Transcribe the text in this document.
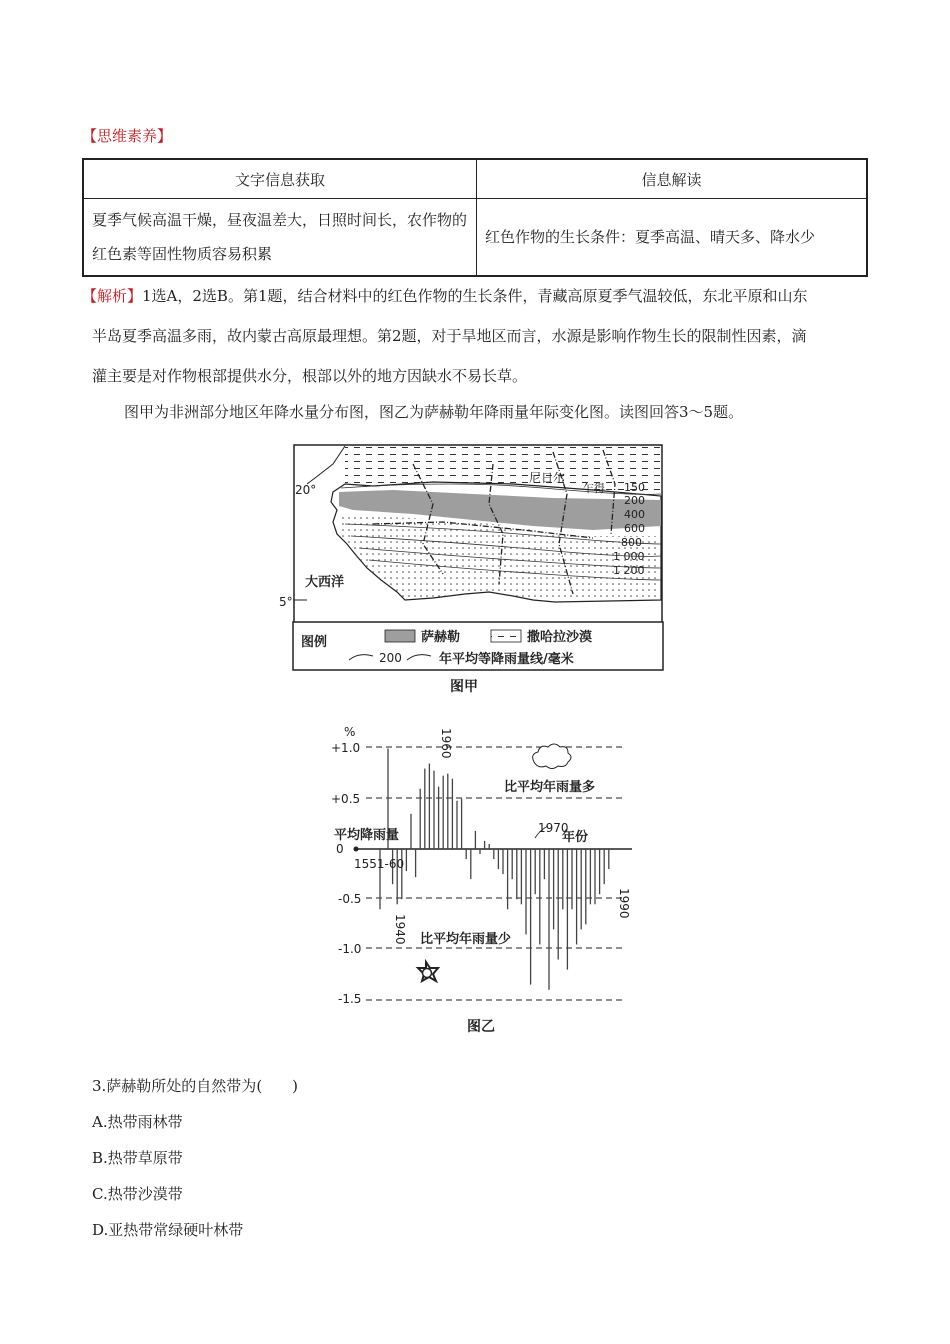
【思维素养】
文字信息获取	信息解读
夏季气候高温干燥，昼夜温差大，日照时间长，农作物的红色素等固性物质容易积累	红色作物的生长条件：夏季高温、晴天多、降水少
【解析】1选A，2选B。第1题，结合材料中的红色作物的生长条件，青藏高原夏季气温较低，东北平原和山东
半岛夏季高温多雨，故内蒙古高原最理想。第2题，对于旱地区而言，水源是影响作物生长的限制性因素，滴
灌主要是对作物根部提供水分，根部以外的地方因缺水不易长草。
图甲为非洲部分地区年降水量分布图，图乙为萨赫勒年降雨量年际变化图。读图回答3～5题。
20°
5°
大西洋
尼日尔
乍得 150
200
400
600
800
1 000
1 200
图例	萨赫勒	撒哈拉沙漠
200	年平均等降雨量线/毫米
图甲
%
+1.0
+0.5
0
-0.5
-1.0
-1.5
平均降雨量
1551-60
年份
1970
1960
1940
1990
比平均年雨量多
比平均年雨量少
图乙
3.萨赫勒所处的自然带为(　　)
A.热带雨林带
B.热带草原带
C.热带沙漠带
D.亚热带常绿硬叶林带
